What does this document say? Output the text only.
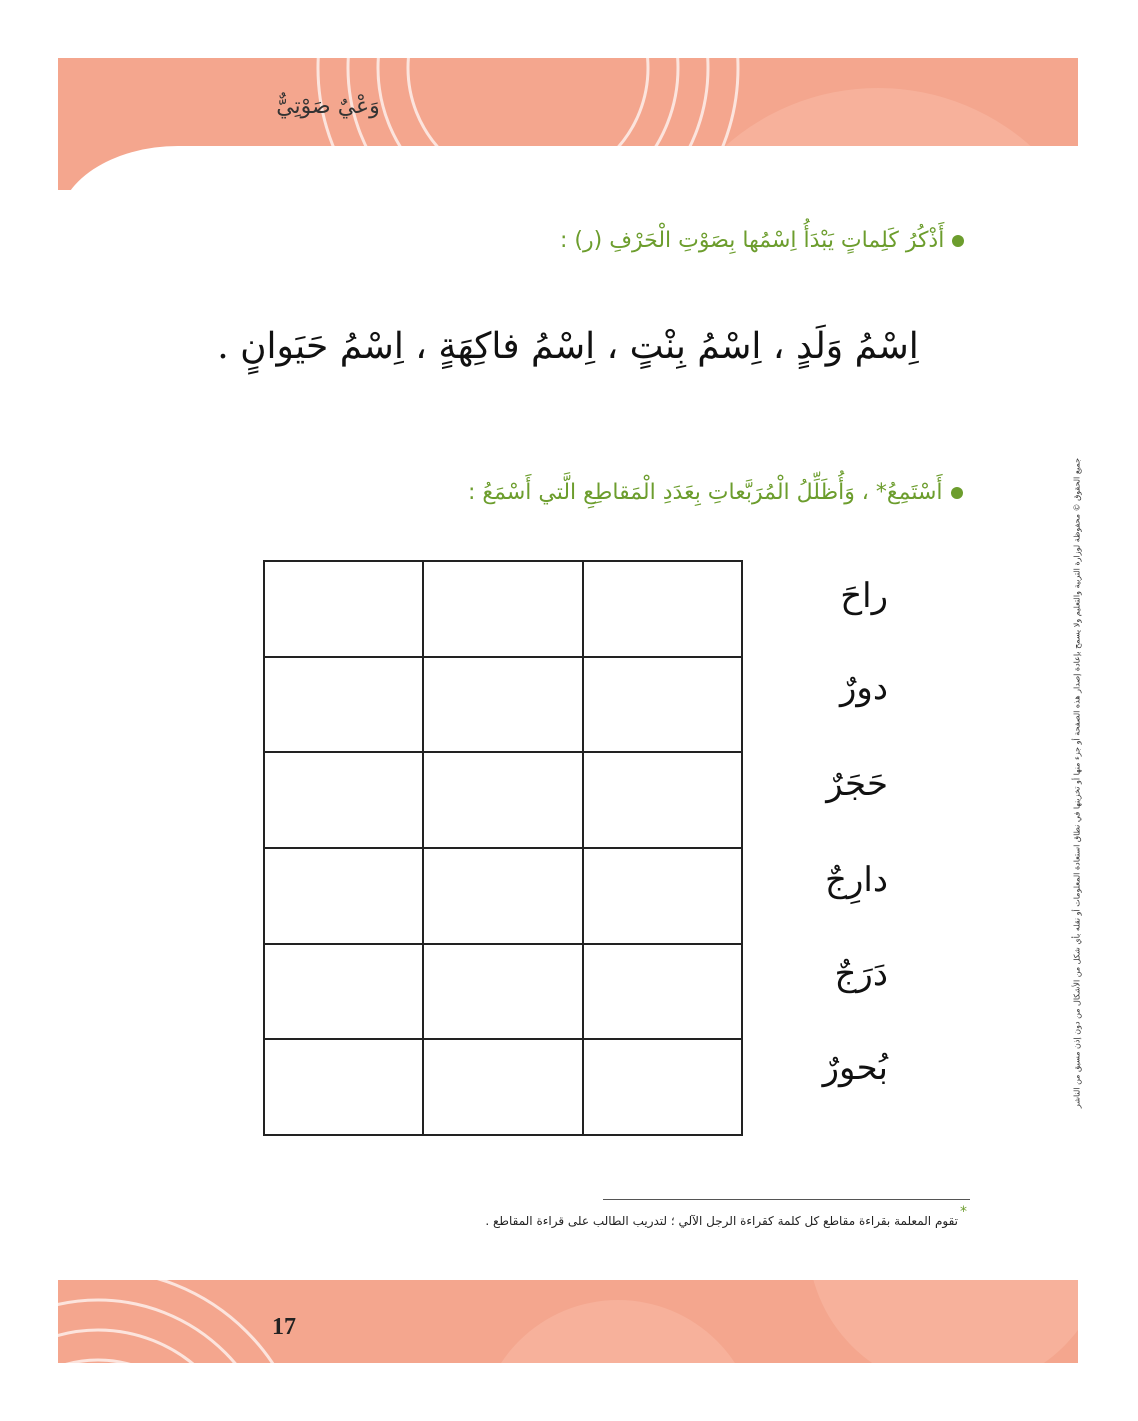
وَعْيٌ صَوْتِيٌّ
أَذْكُرُ كَلِماتٍ يَبْدَأُ اِسْمُها بِصَوْتِ الْحَرْفِ (ر) :
اِسْمُ وَلَدٍ ، اِسْمُ بِنْتٍ ، اِسْمُ فاكِهَةٍ ، اِسْمُ حَيَوانٍ .
أَسْتَمِعُ* ، وَأُظَلِّلُ الْمُرَبَّعاتِ بِعَدَدِ الْمَقاطِعِ الَّتي أَسْمَعُ :

راحَ
دورٌ
حَجَرٌ
دارِجٌ
دَرَجٌ
بُحورٌ	جميع الحقوق © محفوظة لوزارة التربية والتعليم ولا يسمح بإعادة إصدار هذه الصفحة أو جزء منها أو تخزينها في نطاق استعادة المعلومات أو نقله بأي شكل من الأشكال من دون إذن مسبق من الناشر
*
تقوم المعلمة بقراءة مقاطع كل كلمة كقراءة الرجل الآلي ؛ لتدريب الطالب على قراءة المقاطع .
17
